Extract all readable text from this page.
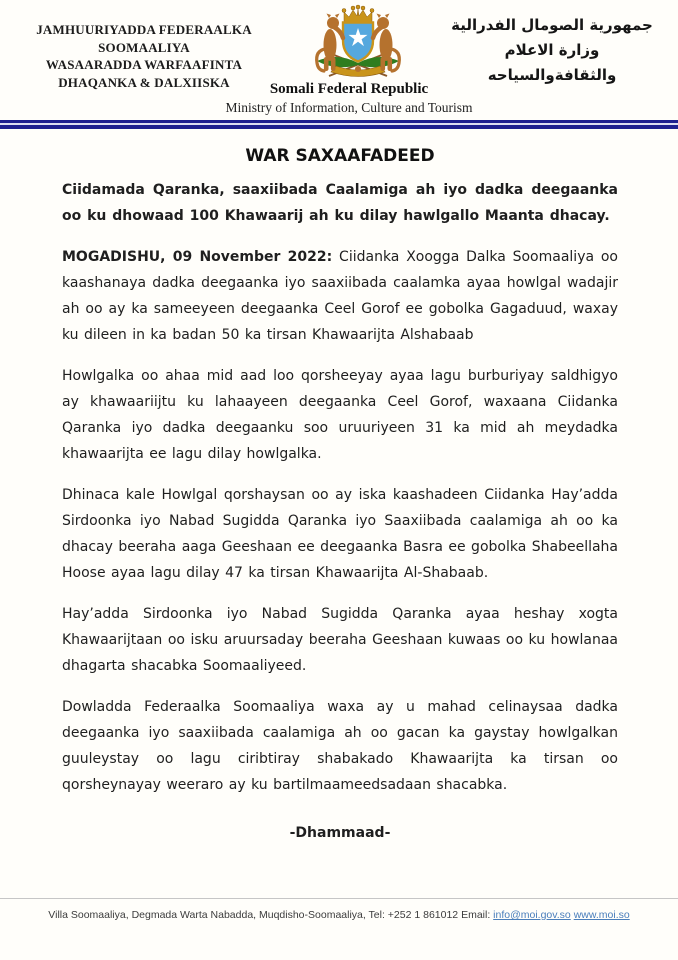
JAMHUURIYADDA FEDERAALKA
SOOMAALIYA
WASAARADDA WARFAAFINTA
DHAQANKA & DALXIISKA
جمهورية الصومال الفدرالية
وزارة الاعلام
والثقافةوالسياحه
Somali Federal Republic
Ministry of Information, Culture and Tourism
WAR SAXAAFADEED

Ciidamada Qaranka, saaxiibada Caalamiga ah iyo dadka deegaanka oo ku dhowaad 100 Khawaarij ah ku dilay hawlgallo Maanta dhacay.

MOGADISHU, 09 November 2022: Ciidanka Xoogga Dalka Soomaaliya oo kaashanaya dadka deegaanka iyo saaxiibada caalamka ayaa howlgal wadajir ah oo ay ka sameeyeen deegaanka Ceel Gorof ee gobolka Gagaduud, waxay ku dileen in ka badan 50 ka tirsan Khawaarijta Alshabaab

Howlgalka oo ahaa mid aad loo qorsheeyay ayaa lagu burburiyay saldhigyo ay khawaariijtu ku lahaayeen deegaanka Ceel Gorof, waxaana Ciidanka Qaranka iyo dadka deegaanku soo uruuriyeen 31 ka mid ah meydadka khawaarijta ee lagu dilay howlgalka.

Dhinaca kale Howlgal qorshaysan oo ay iska kaashadeen Ciidanka Hay’adda Sirdoonka iyo Nabad Sugidda Qaranka iyo Saaxiibada caalamiga ah oo ka dhacay beeraha aaga Geeshaan ee deegaanka Basra ee gobolka Shabeellaha Hoose ayaa lagu dilay 47 ka tirsan Khawaarijta Al-Shabaab.

Hay’adda Sirdoonka iyo Nabad Sugidda Qaranka ayaa heshay xogta Khawaarijtaan oo isku aruursaday beeraha Geeshaan kuwaas oo ku howlanaa dhagarta shacabka Soomaaliyeed.

Dowladda Federaalka Soomaaliya waxa ay u mahad celinaysaa dadka deegaanka iyo saaxiibada caalamiga ah oo gacan ka gaystay howlgalkan guuleystay oo lagu ciribtiray shabakado Khawaarijta ka tirsan oo qorsheynayay weeraro ay ku bartilmaameedsadaan shacabka.

-Dhammaad-

Villa Soomaaliya, Degmada Warta Nabadda, Muqdisho-Soomaaliya, Tel: +252 1 861012 Email: info@moi.gov.so www.moi.so
